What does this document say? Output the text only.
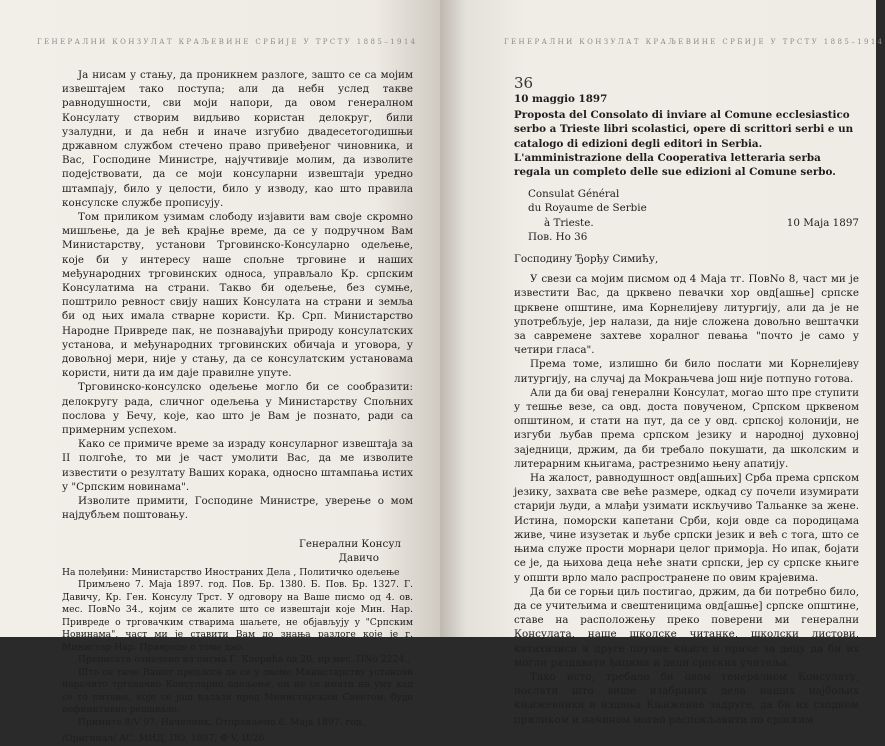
ГЕНЕРАЛНИ КОНЗУЛАТ КРАЉЕВИНЕ СРБИЈЕ У ТРСТУ 1885–1914

Ја нисам у стању, да проникнем разлоге, зашто се са мојим извештајем тако поступа; али да небн услед такве равнодушности, сви моји напори, да овом генералном Консулату створим видљиво користан делокруг, били узалудни, и да небн и иначе изгубио двадесетогодишњи државном службом стечено право привеђеног чиновника, и Вас, Господине Министре, најучтивије молим, да изволите подејствовати, да се моји консуларни извештаји уредно штампају, било у целости, било у изводу, као што правила консулске службе прописују.

Том приликом узимам слободу изјавити вам своје скромно мишљење, да је већ крајње време, да се у подручном Вам Министарству, установи Трговинско-Консуларно одељење, које би у интересу наше спољне трговине и наших међународних трговинских односа, управљало Кр. српским Консулатима на страни. Такво би одељење, без сумње, поштрило ревност свију наших Консулата на страни и земља би од њих имала стварне користи. Кр. Срп. Министарство Народне Привреде пак, не познавајући природу консулатских установа, и међународних трговинских обичаја и уговора, у довољној мери, није у стању, да се консулатским установама користи, нити да им даје правилне упуте.

Трговинско-консулско одељење могло би се сообразити: делокругу рада, сличног одељења у Министарству Спољних послова у Бечу, које, као што је Вам је познато, ради са примерним успехом.

Како се примиче време за израду консуларног извештаја за II полгоће, то ми је част умолити Вас, да ме изволите известити о резултату Ваших корака, односно штампања истих у "Српским новинама".

Изволите примити, Господине Министре, уверење о мом најдубљем поштовању.

Генерални Консул
Давичо

На полеђини: Министарство Иностраних Дела , Политичко одељење

Примљено 7. Маја 1897. год. Пов. Бр. 1380. Б. Пов. Бр. 1327. Г. Давичу, Кр. Ген. Консулу Трст. У одговору на Ваше писмо од 4. ов. мес. ПовNo 34., којим се жалите што се извештаји које Мин. Нар. Привреде о трговачким стварима шаљете, не објављују у "Српским Новинама", част ми је ставити Вам до знања разлоге које је г. Министар Нар. Привреде о томе дао.

Преписати означено из писма Г. Клерића од 20. пр мес. ПNo 2224.,

Што се тиче Вашег предлога да се у овоме Министарству установи нарочито трговачко Консуларно одељење, он не се имати на уму кад се то питање, које се још налази пред Министарским Саветом, буде дефинитивно решавало.

Примите 8/V 97. Начелник. Отправљено 8. Маја 1897. год.

/Оригинал/ АС, МИД, ПО, 1897, Ф V, И/26

ГЕНЕРАЛНИ КОНЗУЛАТ КРАЉЕВИНЕ СРБИЈЕ У ТРСТУ 1885–1914
36
10 maggio 1897

Proposta del Consolato di inviare al Comune ecclesiastico serbo a Trieste libri scolastici, opere di scrittori serbi e un catalogo di edizioni degli editori in Serbia. L'amministrazione della Cooperativa letteraria serba regala un completo delle sue edizioni al Comune serbo.

Consulat Général
du Royaume de Serbie
à Trieste.	10 Маја 1897
Пов. Но 36

Господину Ђорђу Симићу,

У свези са мојим писмом од 4 Маја тг. ПовNo 8, част ми је известити Вас, да црквено певачки хор овд[ашње] српске црквене општине, има Корнелијеву литургију, али да је не употребљује, јер налази, да није сложена довољно вештачки за савремене захтеве хоралног певања "почто је само у четири гласа".

Према томе, излишно би било послати ми Корнелијеву литургију, на случај да Мокрањчева још није потпуно готова.

Али да би овај генерални Консулат, могао што пре ступити у тешње везе, са овд. доста повученом, Српском црквеном општином, и стати на пут, да се у овд. српској колонији, не изгуби љубав према српском језику и народној духовној заједници, држим, да би требало покушати, да школским и литерарним књигама, растрезнимо њену апатију.

На жалост, равнодушност овд[ашњих] Срба према српском језику, захвата све веће размере, одкад су почели изумирати старији људи, а млађи узимати искључиво Тальанке за жене. Истина, поморски капетани Срби, који овде са породицама живе, чине изузетак и љубе српски језик и већ с тога, што се њима служе прости морнари целог приморја. Но ипак, бојати се је, да њихова деца неће знати српски, јер су српске књиге у општи врло мало распространене по овим крајевима.

Да би се горњи циљ постигао, држим, да би потребно било, да се учитељима и свештеницима овд[ашње] српске општине, ставе на расположењу преко поверени ми генерални Консулата, наше школске читанке, школски листови, катихизиси и друге поучне књиге и приче за децу да би их могли раздавати ђацима и деци српских учитеља.

Тако исто, требало би овом генералном Консулату, послати што више изабраних дела наших најбољих књижевника и издања Књижевне задруге, да би их сходном приликом и начином могао распокљавити по српским
